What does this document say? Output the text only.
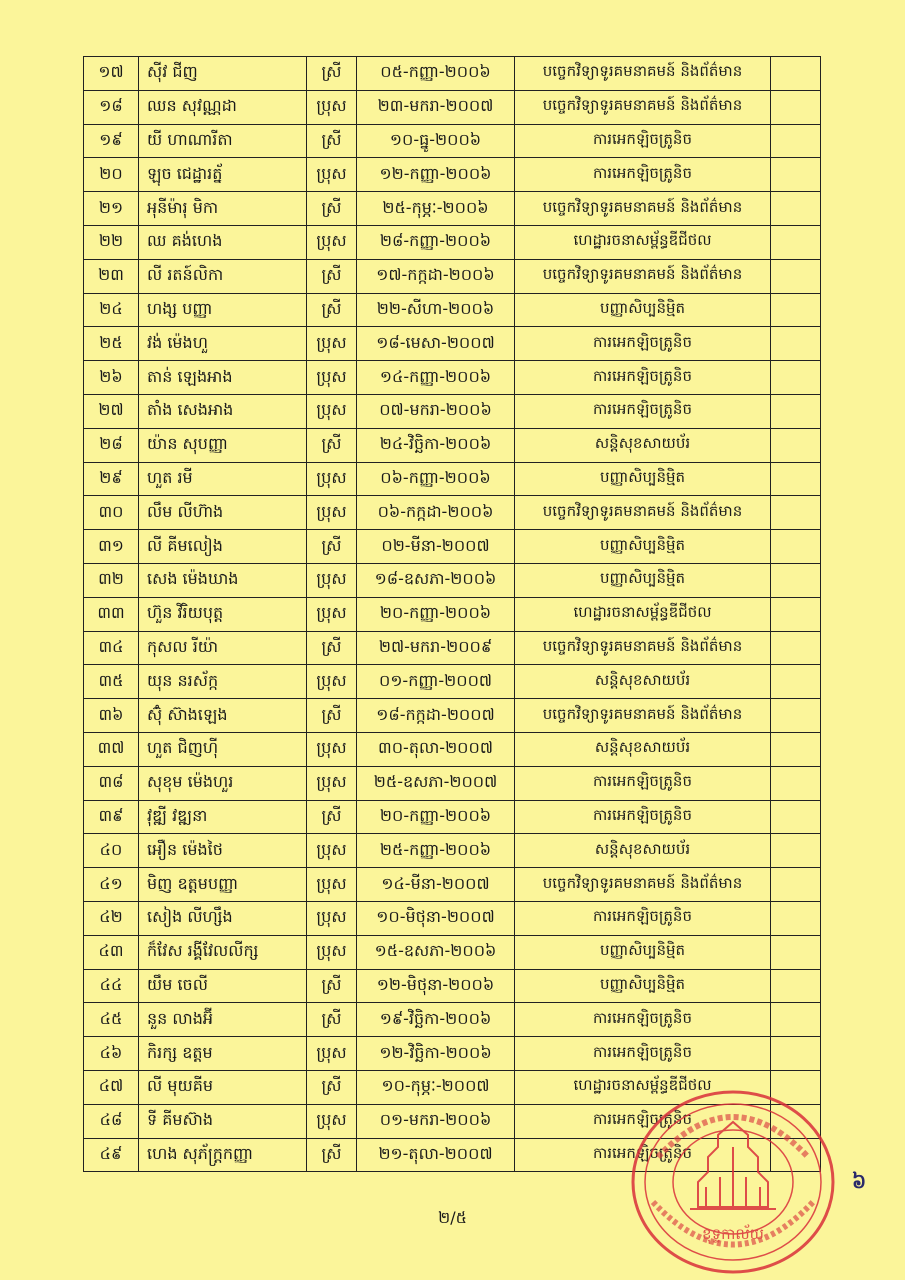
១៧	ស៊ីវ ជីញ	ស្រី	០៥-កញ្ញា-២០០៦	បច្ចេកវិទ្យាទូរគមនាគមន៍ និងព័ត៌មាន
១៨	ឈន សុវណ្ណដា	ប្រុស	២៣-មករា-២០០៧	បច្ចេកវិទ្យាទូរគមនាគមន៍ និងព័ត៌មាន
១៩	យី ហាណារីតា	ស្រី	១០-ធ្នូ-២០០៦	ការអេកឡិចត្រូនិច
២០	ឡុច ជេដ្ឋារត្ន័	ប្រុស	១២-កញ្ញា-២០០៦	ការអេកឡិចត្រូនិច
២១	អុនីម៉ារុ មិកា	ស្រី	២៥-កុម្ភៈ-២០០៦	បច្ចេកវិទ្យាទូរគមនាគមន៍ និងព័ត៌មាន
២២	ឈ គង់ហេង	ប្រុស	២៨-កញ្ញា-២០០៦	ហេដ្ឋារចនាសម្ព័ន្ធឌីជីថល
២៣	លី រតន៍លិកា	ស្រី	១៧-កក្កដា-២០០៦	បច្ចេកវិទ្យាទូរគមនាគមន៍ និងព័ត៌មាន
២៤	ហង្ស បញ្ញា	ស្រី	២២-សីហា-២០០៦	បញ្ញាសិប្បនិម្មិត
២៥	វង់ ម៉េងហួ	ប្រុស	១៨-មេសា-២០០៧	ការអេកឡិចត្រូនិច
២៦	តាន់ ឡេងអាង	ប្រុស	១៤-កញ្ញា-២០០៦	ការអេកឡិចត្រូនិច
២៧	តាំង សេងអាង	ប្រុស	០៧-មករា-២០០៦	ការអេកឡិចត្រូនិច
២៨	យ៉ាន សុបញ្ញា	ស្រី	២៤-វិច្ឆិកា-២០០៦	សន្តិសុខសាយប័រ
២៩	ហួត រមី	ប្រុស	០៦-កញ្ញា-២០០៦	បញ្ញាសិប្បនិម្មិត
៣០	លឹម លីហ៊ាង	ប្រុស	០៦-កក្កដា-២០០៦	បច្ចេកវិទ្យាទូរគមនាគមន៍ និងព័ត៌មាន
៣១	លី គីមលៀង	ស្រី	០២-មីនា-២០០៧	បញ្ញាសិប្បនិម្មិត
៣២	សេង ម៉េងឃាង	ប្រុស	១៨-ឧសភា-២០០៦	បញ្ញាសិប្បនិម្មិត
៣៣	ហ៊ួន វិរិយបុត្ត	ប្រុស	២០-កញ្ញា-២០០៦	ហេដ្ឋារចនាសម្ព័ន្ធឌីជីថល
៣៤	កុសល រីយ៉ា	ស្រី	២៧-មករា-២០០៩	បច្ចេកវិទ្យាទូរគមនាគមន៍ និងព័ត៌មាន
៣៥	យុន នរស័ក្ក	ប្រុស	០១-កញ្ញា-២០០៧	សន្តិសុខសាយប័រ
៣៦	ស៊ុំ ស៊ាងឡេង	ស្រី	១៨-កក្កដា-២០០៧	បច្ចេកវិទ្យាទូរគមនាគមន៍ និងព័ត៌មាន
៣៧	ហួត ជិញហ៊ី	ប្រុស	៣០-តុលា-២០០៧	សន្តិសុខសាយប័រ
៣៨	សុខុម ម៉េងហួរ	ប្រុស	២៥-ឧសភា-២០០៧	ការអេកឡិចត្រូនិច
៣៩	វុឌ្ឍី វឌ្ឍនា	ស្រី	២០-កញ្ញា-២០០៦	ការអេកឡិចត្រូនិច
៤០	អឿន ម៉េងថៃ	ប្រុស	២៥-កញ្ញា-២០០៦	សន្តិសុខសាយប័រ
៤១	មិញ ឧត្តមបញ្ញា	ប្រុស	១៤-មីនា-២០០៧	បច្ចេកវិទ្យាទូរគមនាគមន៍ និងព័ត៌មាន
៤២	សៀង លីហ្សឹង	ប្រុស	១០-មិថុនា-២០០៧	ការអេកឡិចត្រូនិច
៤៣	ក៏វែស រង្គីវែលលីក្ស	ប្រុស	១៥-ឧសភា-២០០៦	បញ្ញាសិប្បនិម្មិត
៤៤	យឹម ចេលី	ស្រី	១២-មិថុនា-២០០៦	បញ្ញាសិប្បនិម្មិត
៤៥	នួន លាងអ៊ី	ស្រី	១៩-វិច្ឆិកា-២០០៦	ការអេកឡិចត្រូនិច
៤៦	កិរក្ស ឧត្តម	ប្រុស	១២-វិច្ឆិកា-២០០៦	ការអេកឡិចត្រូនិច
៤៧	លី មុយគីម	ស្រី	១០-កុម្ភៈ-២០០៧	ហេដ្ឋារចនាសម្ព័ន្ធឌីជីថល
៤៨	ទី គីមស៊ាង	ប្រុស	០១-មករា-២០០៦	ការអេកឡិចត្រូនិច
៤៩	ហេង សុភ័ក្ត្រកញ្ញា	ស្រី	២១-តុលា-២០០៧	ការអេកឡិចត្រូនិច
២/៥
៦
ខុទ្ទកាល័យ
